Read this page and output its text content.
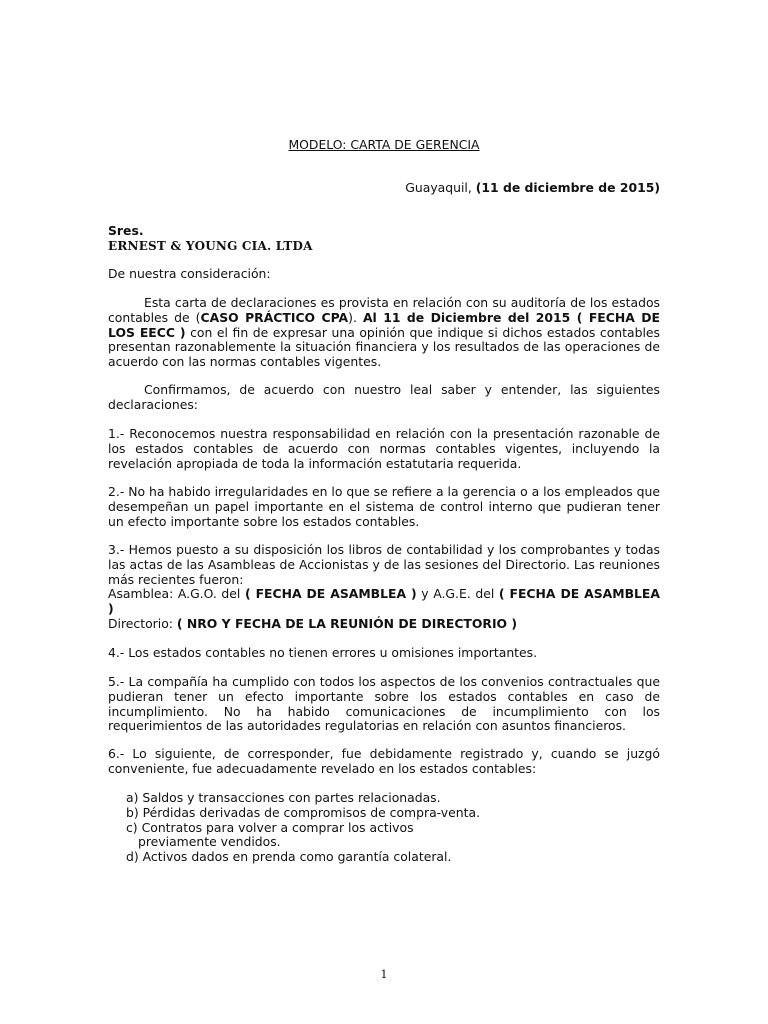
MODELO: CARTA DE GERENCIA
Guayaquil, (11 de diciembre de 2015)
Sres.
ERNEST & YOUNG CIA. LTDA
De nuestra consideración:
Esta carta de declaraciones es provista en relación con su auditoría de los estados contables de (CASO PRÁCTICO CPA). Al 11 de Diciembre del 2015 ( FECHA DE LOS EECC ) con el fin de expresar una opinión que indique si dichos estados contables presentan razonablemente la situación financiera y los resultados de las operaciones de acuerdo con las normas contables vigentes.
Confirmamos, de acuerdo con nuestro leal saber y entender, las siguientes declaraciones:
1.- Reconocemos nuestra responsabilidad en relación con la presentación razonable de los estados contables de acuerdo con normas contables vigentes, incluyendo la revelación apropiada de toda la información estatutaria requerida.
2.- No ha habido irregularidades en lo que se refiere a la gerencia o a los empleados que desempeñan un papel importante en el sistema de control interno que pudieran tener un efecto importante sobre los estados contables.
3.- Hemos puesto a su disposición los libros de contabilidad y los comprobantes y todas las actas de las Asambleas de Accionistas y de las sesiones del Directorio. Las reuniones más recientes fueron:
Asamblea: A.G.O. del ( FECHA DE ASAMBLEA ) y A.G.E. del ( FECHA DE ASAMBLEA )
Directorio: ( NRO Y FECHA DE LA REUNIÓN DE DIRECTORIO )
4.- Los estados contables no tienen errores u omisiones importantes.
5.- La compañía ha cumplido con todos los aspectos de los convenios contractuales que pudieran tener un efecto importante sobre los estados contables en caso de incumplimiento. No ha habido comunicaciones de incumplimiento con los requerimientos de las autoridades regulatorias en relación con asuntos financieros.
6.- Lo siguiente, de corresponder, fue debidamente registrado y, cuando se juzgó conveniente, fue adecuadamente revelado en los estados contables:
a) Saldos y transacciones con partes relacionadas.
b) Pérdidas derivadas de compromisos de compra-venta.
c) Contratos para volver a comprar los activos
previamente vendidos.
d) Activos dados en prenda como garantía colateral.
1
